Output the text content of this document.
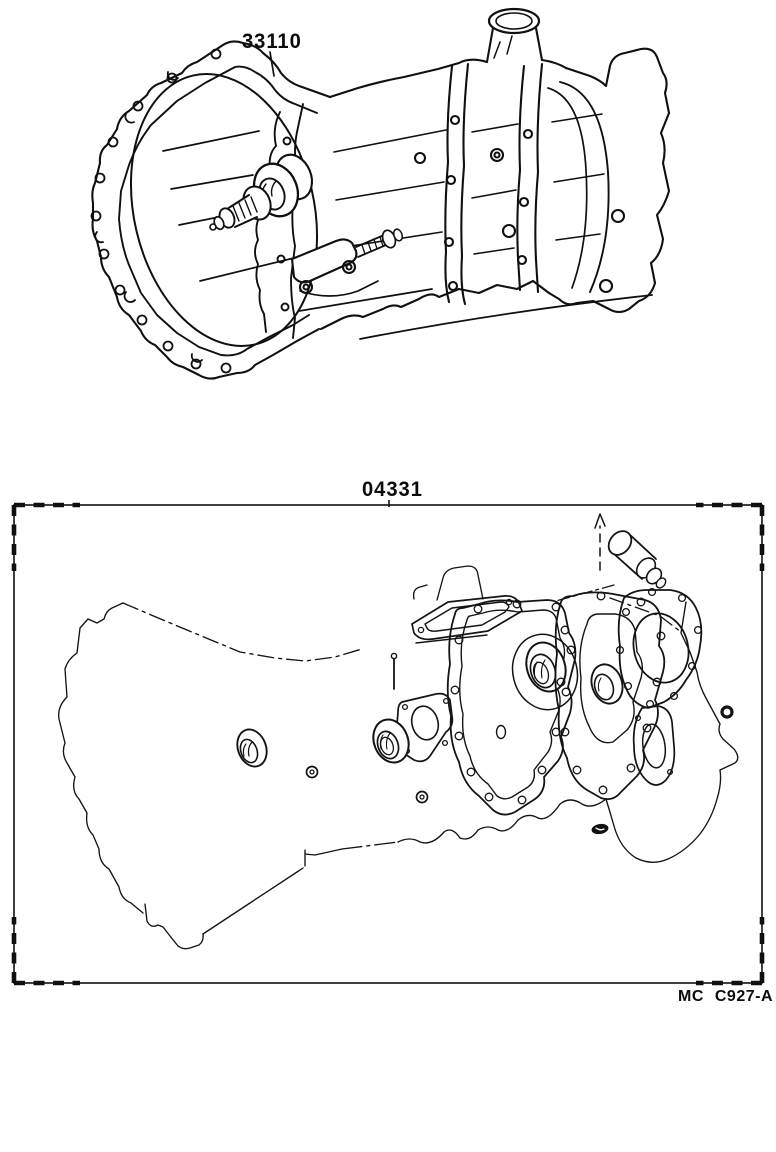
33110
04331
MC C927-A
